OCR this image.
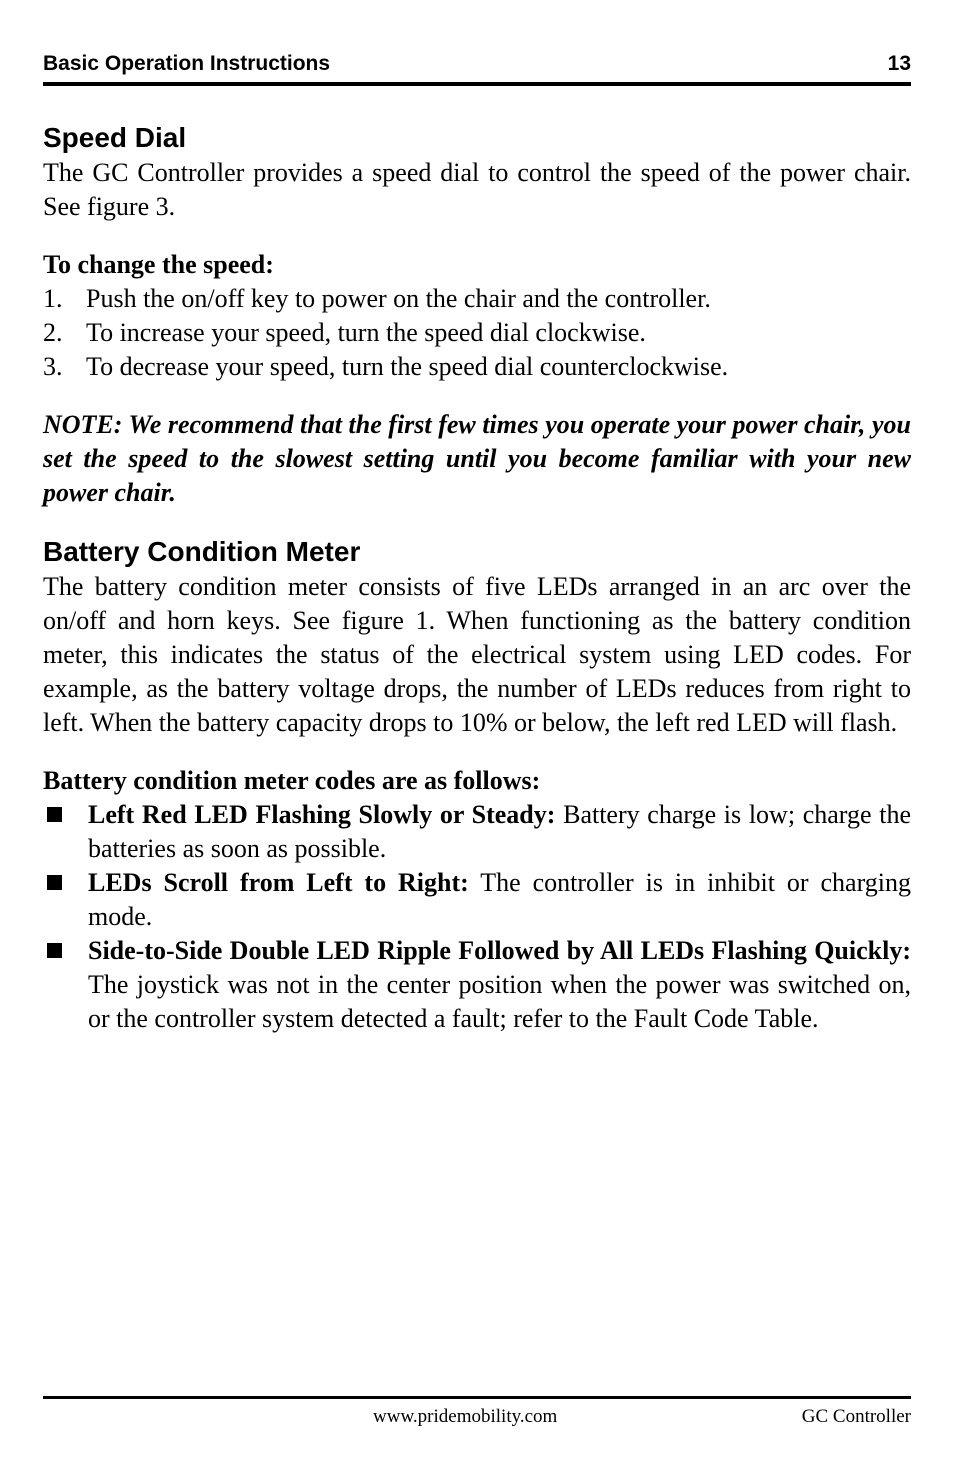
Basic Operation Instructions	13
Speed Dial

The GC Controller provides a speed dial to control the speed of the power chair. See figure 3.

To change the speed:
1. Push the on/off key to power on the chair and the controller.
2. To increase your speed, turn the speed dial clockwise.
3. To decrease your speed, turn the speed dial counterclockwise.

NOTE: We recommend that the first few times you operate your power chair, you set the speed to the slowest setting until you become familiar with your new power chair.

Battery Condition Meter

The battery condition meter consists of five LEDs arranged in an arc over the on/off and horn keys. See figure 1. When functioning as the battery condition meter, this indicates the status of the electrical system using LED codes. For example, as the battery voltage drops, the number of LEDs reduces from right to left. When the battery capacity drops to 10% or below, the left red LED will flash.

Battery condition meter codes are as follows:
Left Red LED Flashing Slowly or Steady: Battery charge is low; charge the batteries as soon as possible.
LEDs Scroll from Left to Right: The controller is in inhibit or charging mode.
Side-to-Side Double LED Ripple Followed by All LEDs Flashing Quickly: The joystick was not in the center position when the power was switched on, or the controller system detected a fault; refer to the Fault Code Table.
www.pridemobility.com	GC Controller
